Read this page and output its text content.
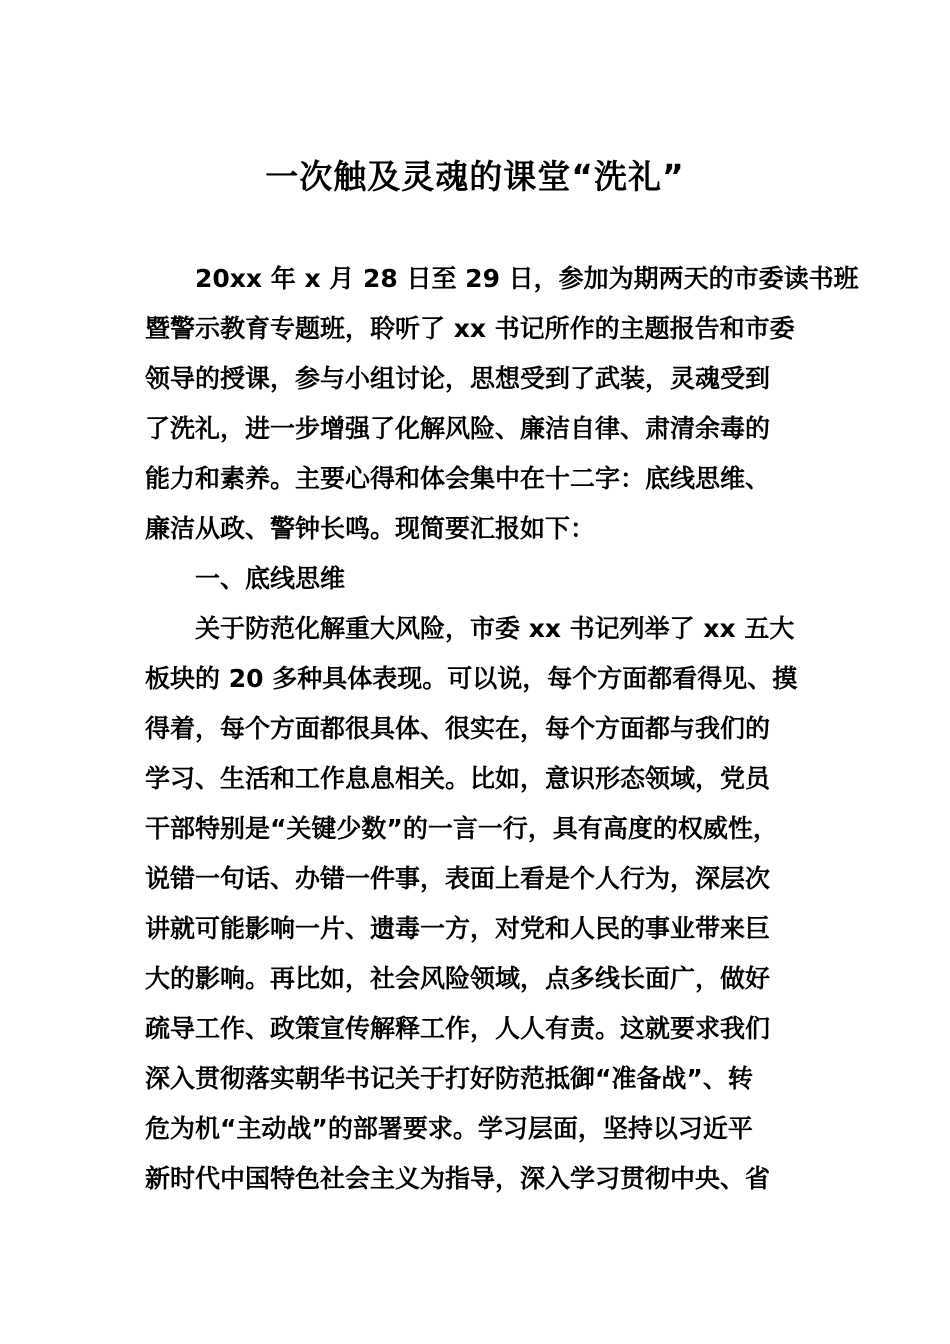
一次触及灵魂的课堂“洗礼”
20xx 年 x 月 28 日至 29 日，参加为期两天的市委读书班
暨警示教育专题班，聆听了 xx 书记所作的主题报告和市委
领导的授课，参与小组讨论，思想受到了武装，灵魂受到
了洗礼，进一步增强了化解风险、廉洁自律、肃清余毒的
能力和素养。主要心得和体会集中在十二字：底线思维、
廉洁从政、警钟长鸣。现简要汇报如下：
一、底线思维
关于防范化解重大风险，市委 xx 书记列举了 xx 五大
板块的 20 多种具体表现。可以说，每个方面都看得见、摸
得着，每个方面都很具体、很实在，每个方面都与我们的
学习、生活和工作息息相关。比如，意识形态领域，党员
干部特别是“关键少数”的一言一行，具有高度的权威性，
说错一句话、办错一件事，表面上看是个人行为，深层次
讲就可能影响一片、遗毒一方，对党和人民的事业带来巨
大的影响。再比如，社会风险领域，点多线长面广，做好
疏导工作、政策宣传解释工作，人人有责。这就要求我们
深入贯彻落实朝华书记关于打好防范抵御“准备战”、转
危为机“主动战”的部署要求。学习层面，坚持以习近平
新时代中国特色社会主义为指导，深入学习贯彻中央、省
